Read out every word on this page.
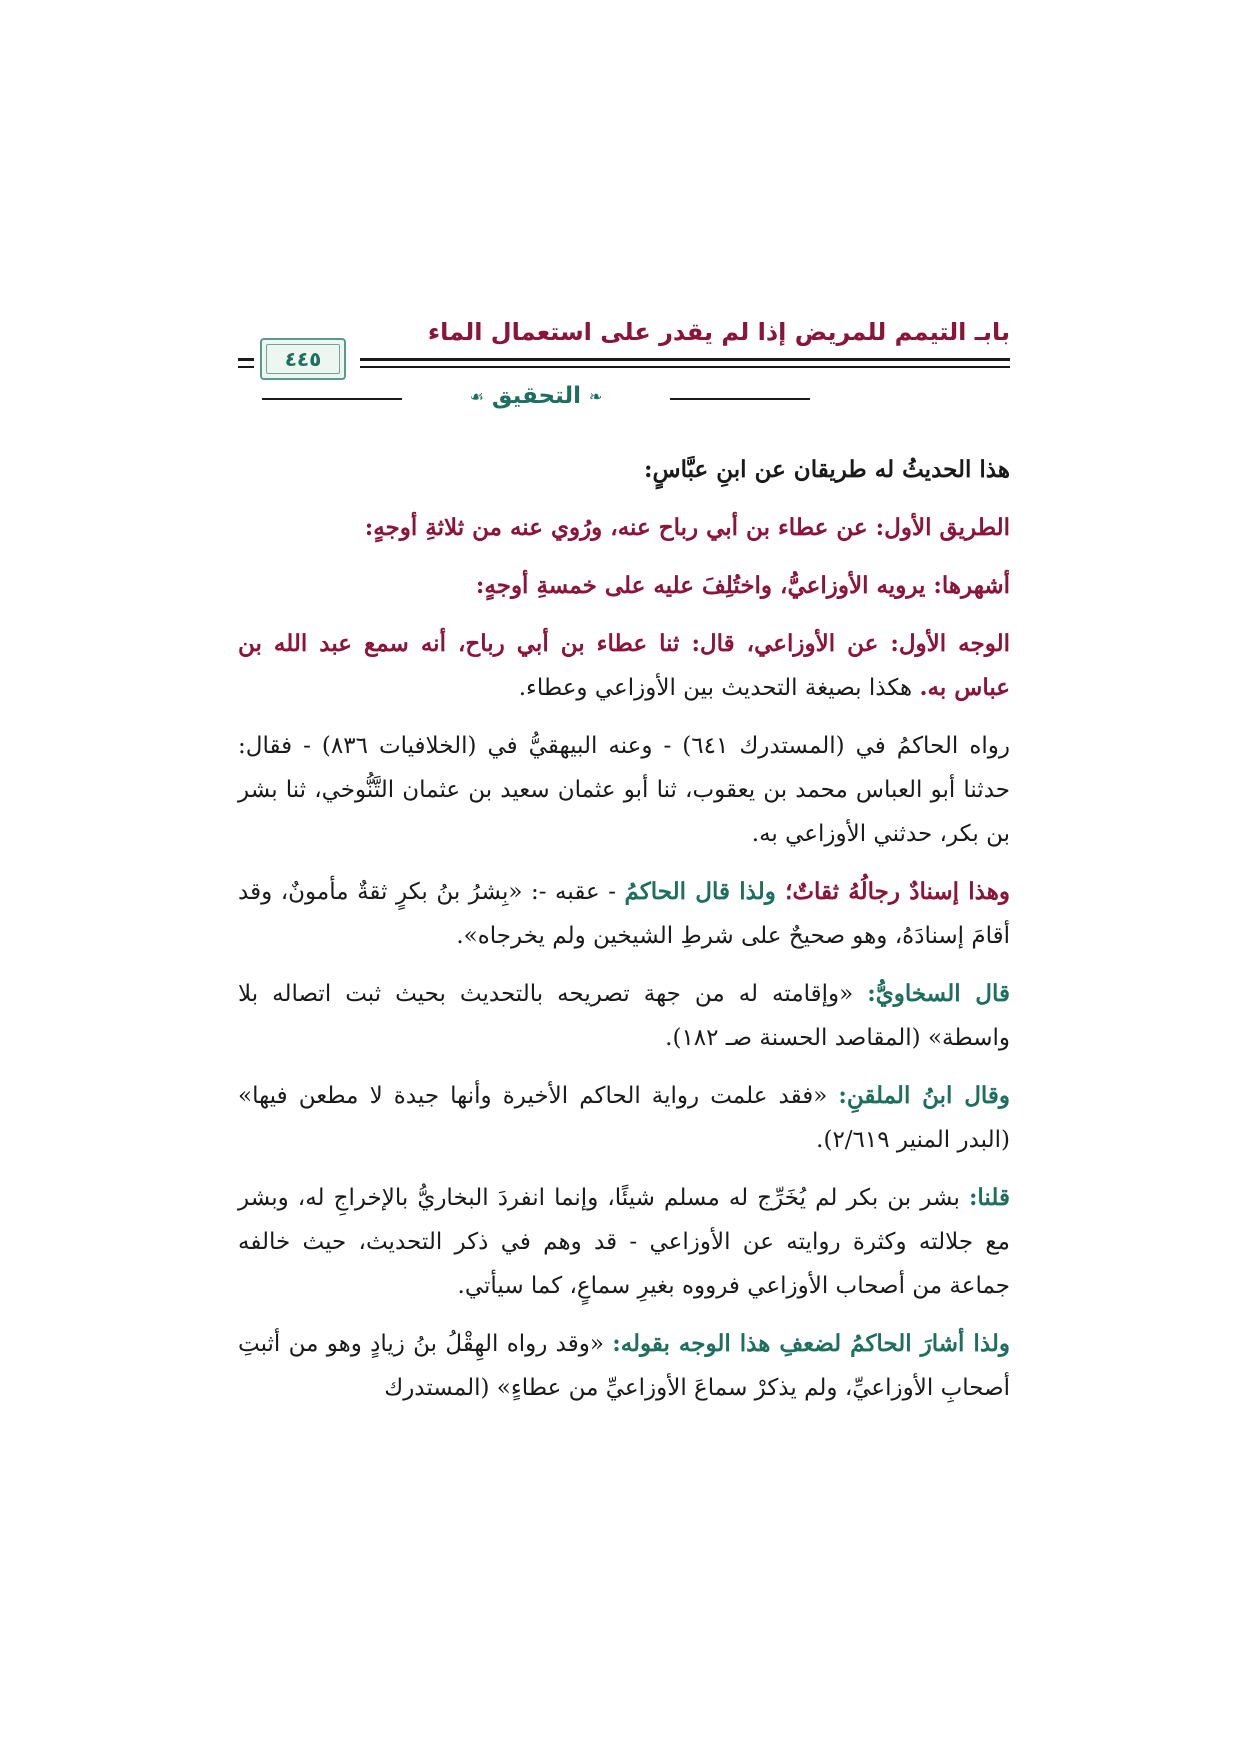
بابـ التيمم للمريض إذا لم يقدر على استعمال الماء
٤٤٥
❧
التحقيق
☙

هذا الحديثُ له طريقان عن ابنِ عبَّاسٍ:

الطريق الأول: عن عطاء بن أبي رباح عنه، ورُوي عنه من ثلاثةِ أوجهٍ:

أشهرها: يرويه الأوزاعيُّ، واختُلِفَ عليه على خمسةِ أوجهٍ:

الوجه الأول: عن الأوزاعي، قال: ثنا عطاء بن أبي رباح، أنه سمع عبد الله بن عباس به. هكذا بصيغة التحديث بين الأوزاعي وعطاء.

رواه الحاكمُ في (المستدرك ٦٤١) - وعنه البيهقيُّ في (الخلافيات ٨٣٦) - فقال: حدثنا أبو العباس محمد بن يعقوب، ثنا أبو عثمان سعيد بن عثمان التَّنُّوخي، ثنا بشر بن بكر، حدثني الأوزاعي به.

وهذا إسنادٌ رجالُهُ ثقاتٌ؛ ولذا قال الحاكمُ - عقبه -: «بِشرُ بنُ بكرٍ ثقةٌ مأمونٌ، وقد أقامَ إسنادَهُ، وهو صحيحٌ على شرطِ الشيخين ولم يخرجاه».

قال السخاويُّ: «وإقامته له من جهة تصريحه بالتحديث بحيث ثبت اتصاله بلا واسطة» (المقاصد الحسنة صـ ١٨٢).

وقال ابنُ الملقنِ: «فقد علمت رواية الحاكم الأخيرة وأنها جيدة لا مطعن فيها» (البدر المنير ٢/٦١٩).

قلنا: بشر بن بكر لم يُخَرِّج له مسلم شيئًا، وإنما انفردَ البخاريُّ بالإخراجِ له، وبشر مع جلالته وكثرة روايته عن الأوزاعي - قد وهم في ذكر التحديث، حيث خالفه جماعة من أصحاب الأوزاعي فرووه بغيرِ سماعٍ، كما سيأتي.

ولذا أشارَ الحاكمُ لضعفِ هذا الوجه بقوله: «وقد رواه الهِقْلُ بنُ زيادٍ وهو من أثبتِ أصحابِ الأوزاعيِّ، ولم يذكرْ سماعَ الأوزاعيِّ من عطاءٍ» (المستدرك
